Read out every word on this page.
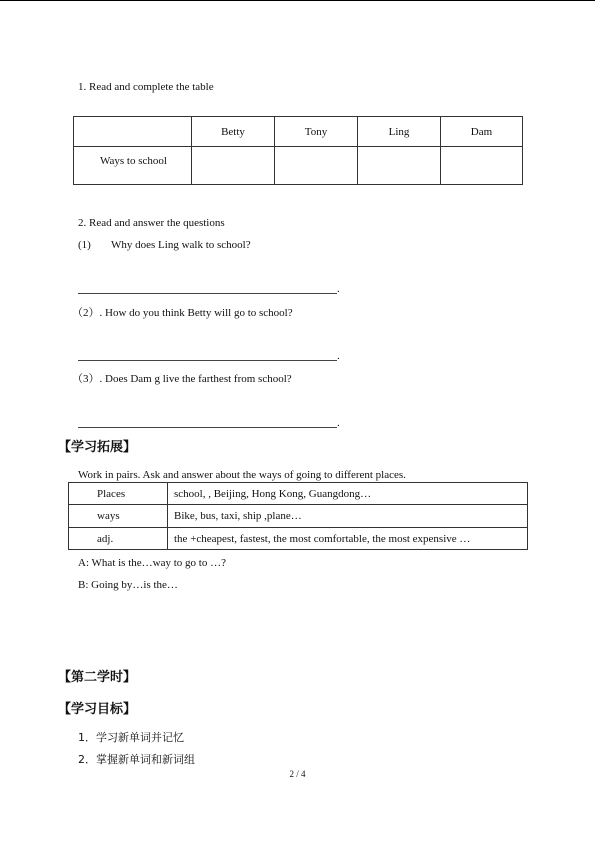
1. Read and complete the table
	Betty	Tony	Ling	Dam
Ways to school				
2. Read and answer the questions
(1) Why does Ling walk to school?
.
（2）. How do you think Betty will go to school?
.
（3）. Does Dam g live the farthest from school?
.
【学习拓展】
Work in pairs. Ask and answer about the ways of going to different places.
Places	school, , Beijing, Hong Kong, Guangdong…
ways	Bike, bus, taxi, ship ,plane…
adj.	the +cheapest, fastest, the most comfortable, the most expensive …
A: What is the…way to go to …?
B: Going by…is the…
【第二学时】
【学习目标】
1．学习新单词并记忆
2．掌握新单词和新词组
2 / 4
